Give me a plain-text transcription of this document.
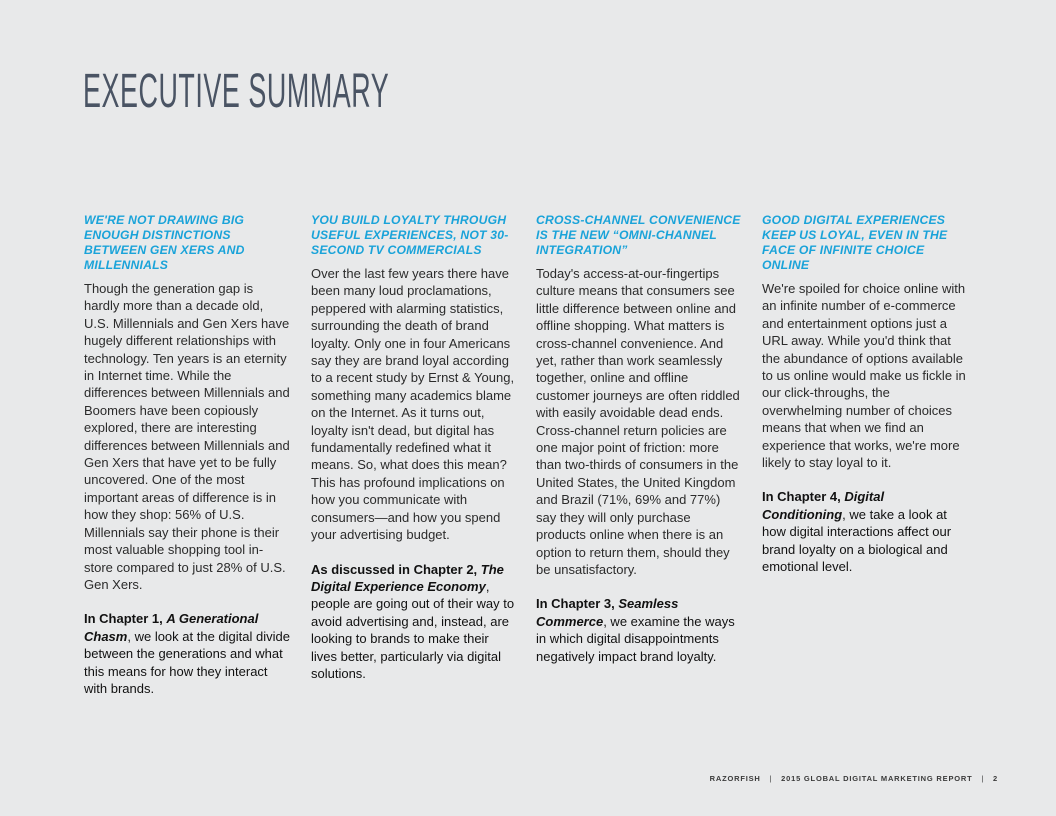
EXECUTIVE SUMMARY
WE'RE NOT DRAWING BIG ENOUGH DISTINCTIONS BETWEEN GEN XERS AND MILLENNIALS

Though the generation gap is hardly more than a decade old, U.S. Millennials and Gen Xers have hugely different relationships with technology. Ten years is an eternity in Internet time. While the differences between Millennials and Boomers have been copiously explored, there are interesting differences between Millennials and Gen Xers that have yet to be fully uncovered. One of the most important areas of difference is in how they shop: 56% of U.S. Millennials say their phone is their most valuable shopping tool in-store compared to just 28% of U.S. Gen Xers.

In Chapter 1, A Generational Chasm, we look at the digital divide between the generations and what this means for how they interact with brands.

YOU BUILD LOYALTY THROUGH USEFUL EXPERIENCES, NOT 30-SECOND TV COMMERCIALS

Over the last few years there have been many loud proclamations, peppered with alarming statistics, surrounding the death of brand loyalty. Only one in four Americans say they are brand loyal according to a recent study by Ernst & Young, something many academics blame on the Internet. As it turns out, loyalty isn't dead, but digital has fundamentally redefined what it means. So, what does this mean? This has profound implications on how you communicate with consumers—and how you spend your advertising budget.

As discussed in Chapter 2, The Digital Experience Economy, people are going out of their way to avoid advertising and, instead, are looking to brands to make their lives better, particularly via digital solutions.

CROSS-CHANNEL CONVENIENCE IS THE NEW “OMNI-CHANNEL INTEGRATION”

Today's access-at-our-fingertips culture means that consumers see little difference between online and offline shopping. What matters is cross-channel convenience. And yet, rather than work seamlessly together, online and offline customer journeys are often riddled with easily avoidable dead ends. Cross-channel return policies are one major point of friction: more than two-thirds of consumers in the United States, the United Kingdom and Brazil (71%, 69% and 77%) say they will only purchase products online when there is an option to return them, should they be unsatisfactory.

In Chapter 3, Seamless Commerce, we examine the ways in which digital disappointments negatively impact brand loyalty.

GOOD DIGITAL EXPERIENCES KEEP US LOYAL, EVEN IN THE FACE OF INFINITE CHOICE ONLINE

We're spoiled for choice online with an infinite number of e-commerce and entertainment options just a URL away. While you'd think that the abundance of options available to us online would make us fickle in our click-throughs, the overwhelming number of choices means that when we find an experience that works, we're more likely to stay loyal to it.

In Chapter 4, Digital Conditioning, we take a look at how digital interactions affect our brand loyalty on a biological and emotional level.

RAZORFISH | 2015 GLOBAL DIGITAL MARKETING REPORT | 2
